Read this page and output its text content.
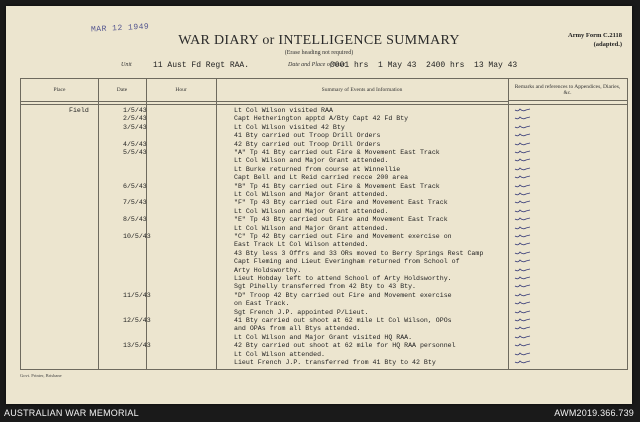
MAR 12 1949
WAR DIARY or INTELLIGENCE SUMMARY
(Erase heading not required)
Army Form C.2118
(adapted.)
Unit	11 Aust Fd Regt RAA.	Date and Place of Issue
0001 hrs  1 May 43  2400 hrs  13 May 43
Place	Date	Hour	Summary of Events and Information
Remarks and references to Appendices, Diaries, &c.
Field	1/5/43	Lt Col Wilson visited RAA
2/5/43	Capt Hetherington apptd A/Bty Capt 42 Fd Bty
3/5/43	Lt Col Wilson visited 42 Bty
41 Bty carried out Troop Drill Orders
4/5/43	42 Bty carried out Troop Drill Orders
5/5/43	"A" Tp 41 Bty carried out Fire & Movement East Track
Lt Col Wilson and Major Grant attended.
Lt Burke returned from course at Winnellie
Capt Bell and Lt Reid carried recce 200 area
6/5/43	"B" Tp 41 Bty carried out Fire & Movement East Track
Lt Col Wilson and Major Grant attended.
7/5/43	"F" Tp 43 Bty carried out Fire and Movement East Track
Lt Col Wilson and Major Grant attended.
8/5/43	"E" Tp 43 Bty carried out Fire and Movement East Track
Lt Col Wilson and Major Grant attended.
10/5/43	"C" Tp 42 Bty carried out Fire and Movement exercise on
East Track Lt Col Wilson attended.
43 Bty less 3 Offrs and 33 ORs moved to Berry Springs Rest Camp
Capt Fleming and Lieut Everingham returned from School of
Arty Holdsworthy.
Lieut Hobday left to attend School of Arty Holdsworthy.
Sgt Pihelly transferred from 42 Bty to 43 Bty.
11/5/43	"D" Troop 42 Bty carried out Fire and Movement exercise
on East Track.
Sgt French J.P. appointed P/Lieut.
12/5/43	41 Bty carried out shoot at 62 mile Lt Col Wilson, OPOs
and OPAs from all Btys attended.
Lt Col Wilson and Major Grant visited HQ RAA.
13/5/43	42 Bty carried out shoot at 62 mile for HQ RAA personnel
Lt Col Wilson attended.
Lieut French J.P. transferred from 41 Bty to 42 Bty
Govt. Printer, Brisbane
AUSTRALIAN WAR MEMORIAL	AWM2019.366.739
